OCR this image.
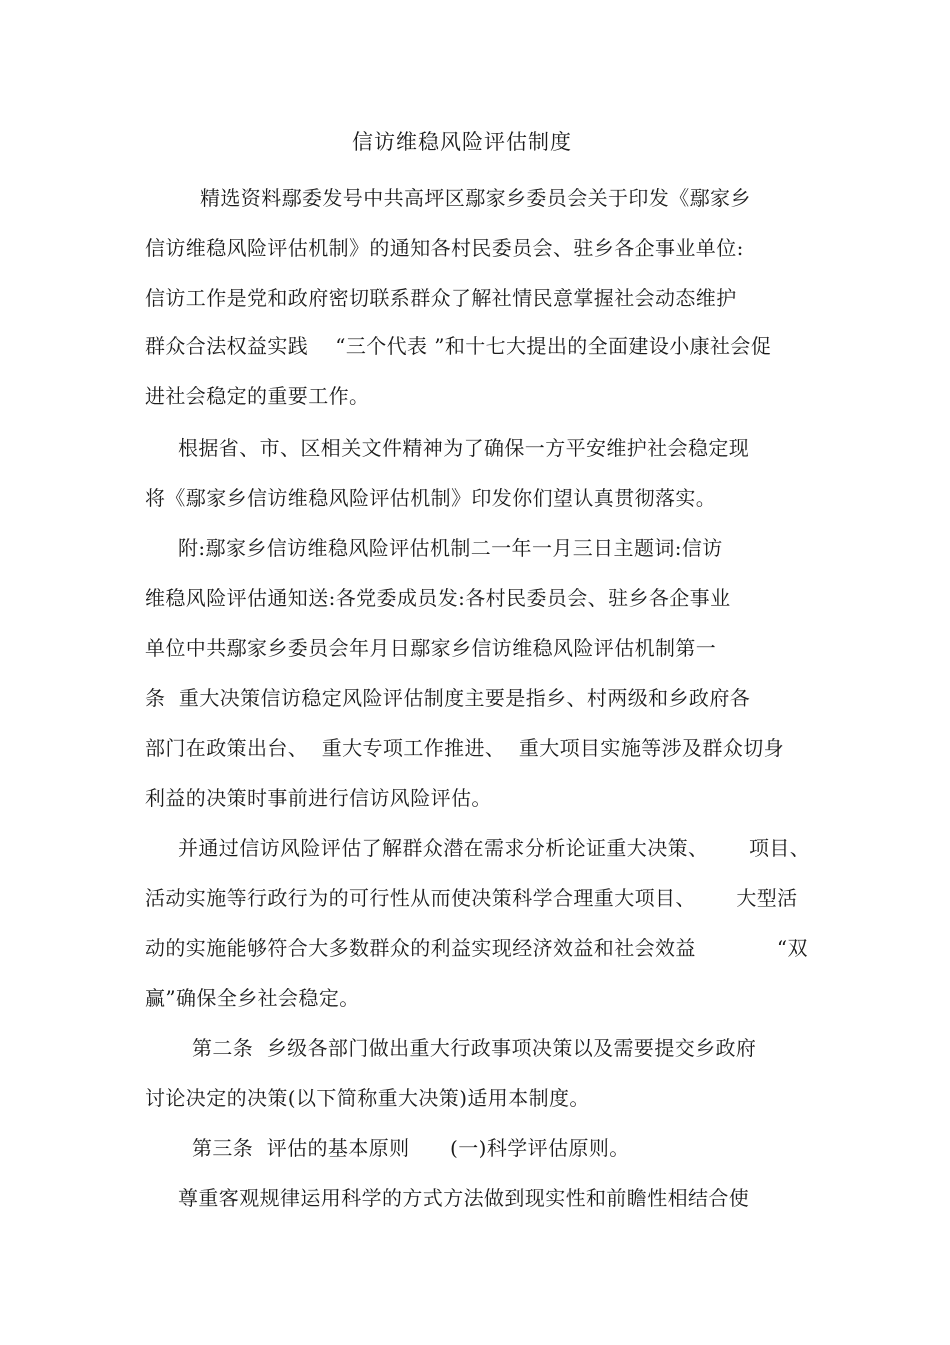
信访维稳风险评估制度
精选资料鄢委发号中共高坪区鄢家乡委员会关于印发《鄢家乡
信访维稳风险评估机制》的通知各村民委员会、驻乡各企事业单位:
信访工作是党和政府密切联系群众了解社情民意掌握社会动态维护
群众合法权益实践    “三个代表 ”和十七大提出的全面建设小康社会促
进社会稳定的重要工作。
根据省、市、区相关文件精神为了确保一方平安维护社会稳定现
将《鄢家乡信访维稳风险评估机制》印发你们望认真贯彻落实。
附:鄢家乡信访维稳风险评估机制二一年一月三日主题词:信访
维稳风险评估通知送:各党委成员发:各村民委员会、驻乡各企事业
单位中共鄢家乡委员会年月日鄢家乡信访维稳风险评估机制第一
条  重大决策信访稳定风险评估制度主要是指乡、村两级和乡政府各
部门在政策出台、  重大专项工作推进、  重大项目实施等涉及群众切身
利益的决策时事前进行信访风险评估。
并通过信访风险评估了解群众潜在需求分析论证重大决策、      项目、
活动实施等行政行为的可行性从而使决策科学合理重大项目、      大型活
动的实施能够符合大多数群众的利益实现经济效益和社会效益            “双
赢”确保全乡社会稳定。
第二条  乡级各部门做出重大行政事项决策以及需要提交乡政府
讨论决定的决策(以下简称重大决策)适用本制度。
第三条  评估的基本原则      (一)科学评估原则。
尊重客观规律运用科学的方式方法做到现实性和前瞻性相结合使
